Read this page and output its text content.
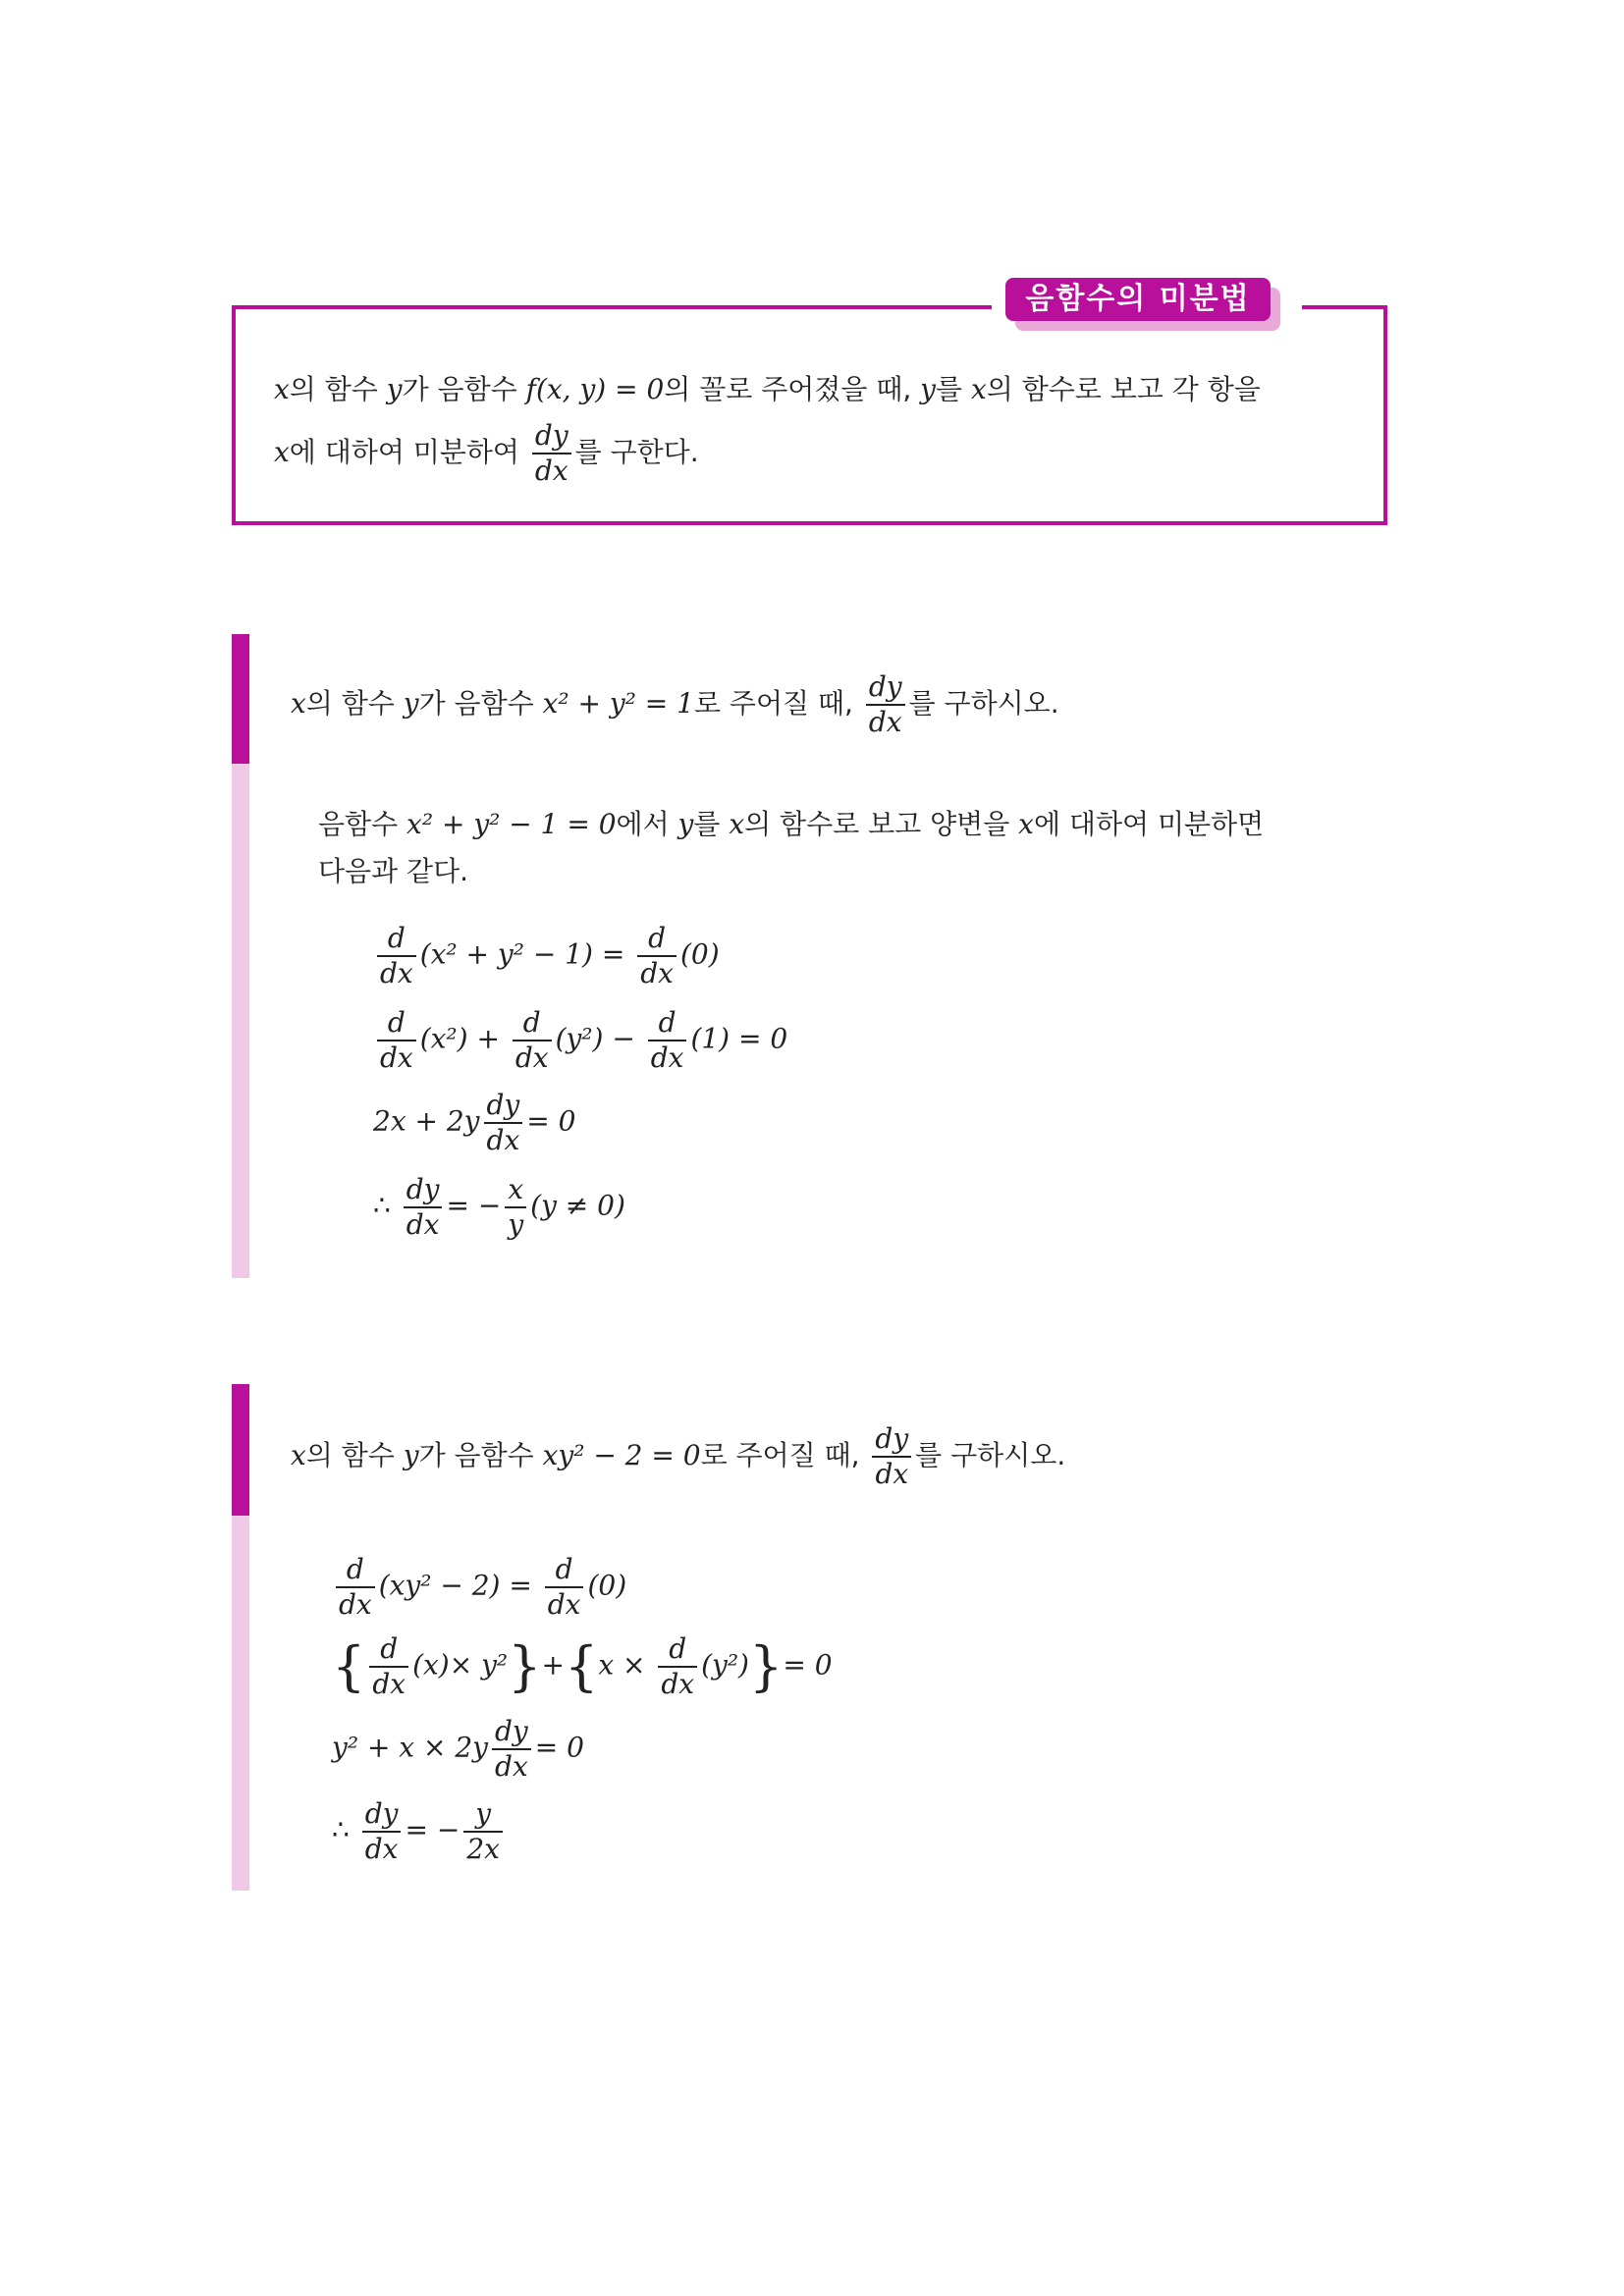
음함수의 미분법
x의 함수 y가 음함수 f(x, y) = 0의 꼴로 주어졌을 때, y를 x의 함수로 보고 각 항을
x에 대하여 미분하여 $\frac{dy}{dx}$ 를 구한다.
x의 함수 y가 음함수 x² + y² = 1로 주어질 때, $\frac{dy}{dx}$ 를 구하시오.
음함수 x² + y² − 1 = 0에서 y를 x의 함수로 보고 양변을 x에 대하여 미분하면
다음과 같다.
$\frac{d}{dx} (x^2 + y^2 - 1) = \frac{d}{dx} (0)$
$\frac{d}{dx} (x^2) + \frac{d}{dx} (y^2) - \frac{d}{dx} (1) = 0$
$2x + 2y \frac{dy}{dx} = 0$
∴ $\frac{dy}{dx}$ = − $\frac{x}{y} (y \ne 0)$
x의 함수 y가 음함수 xy² − 2 = 0로 주어질 때, $\frac{dy}{dx}$ 를 구하시오.
$\frac{d}{dx} (xy^2 - 2) = \frac{d}{dx} (0)$
{ $\frac{d}{dx} (x)\times y^2\}+\{x \times \frac{d}{dx} (y^2)\}= 0$
$y^2 + x \times 2y \frac{dy}{dx} = 0$
∴ $\frac{dy}{dx}$ = − $\frac{y}{2x}$
